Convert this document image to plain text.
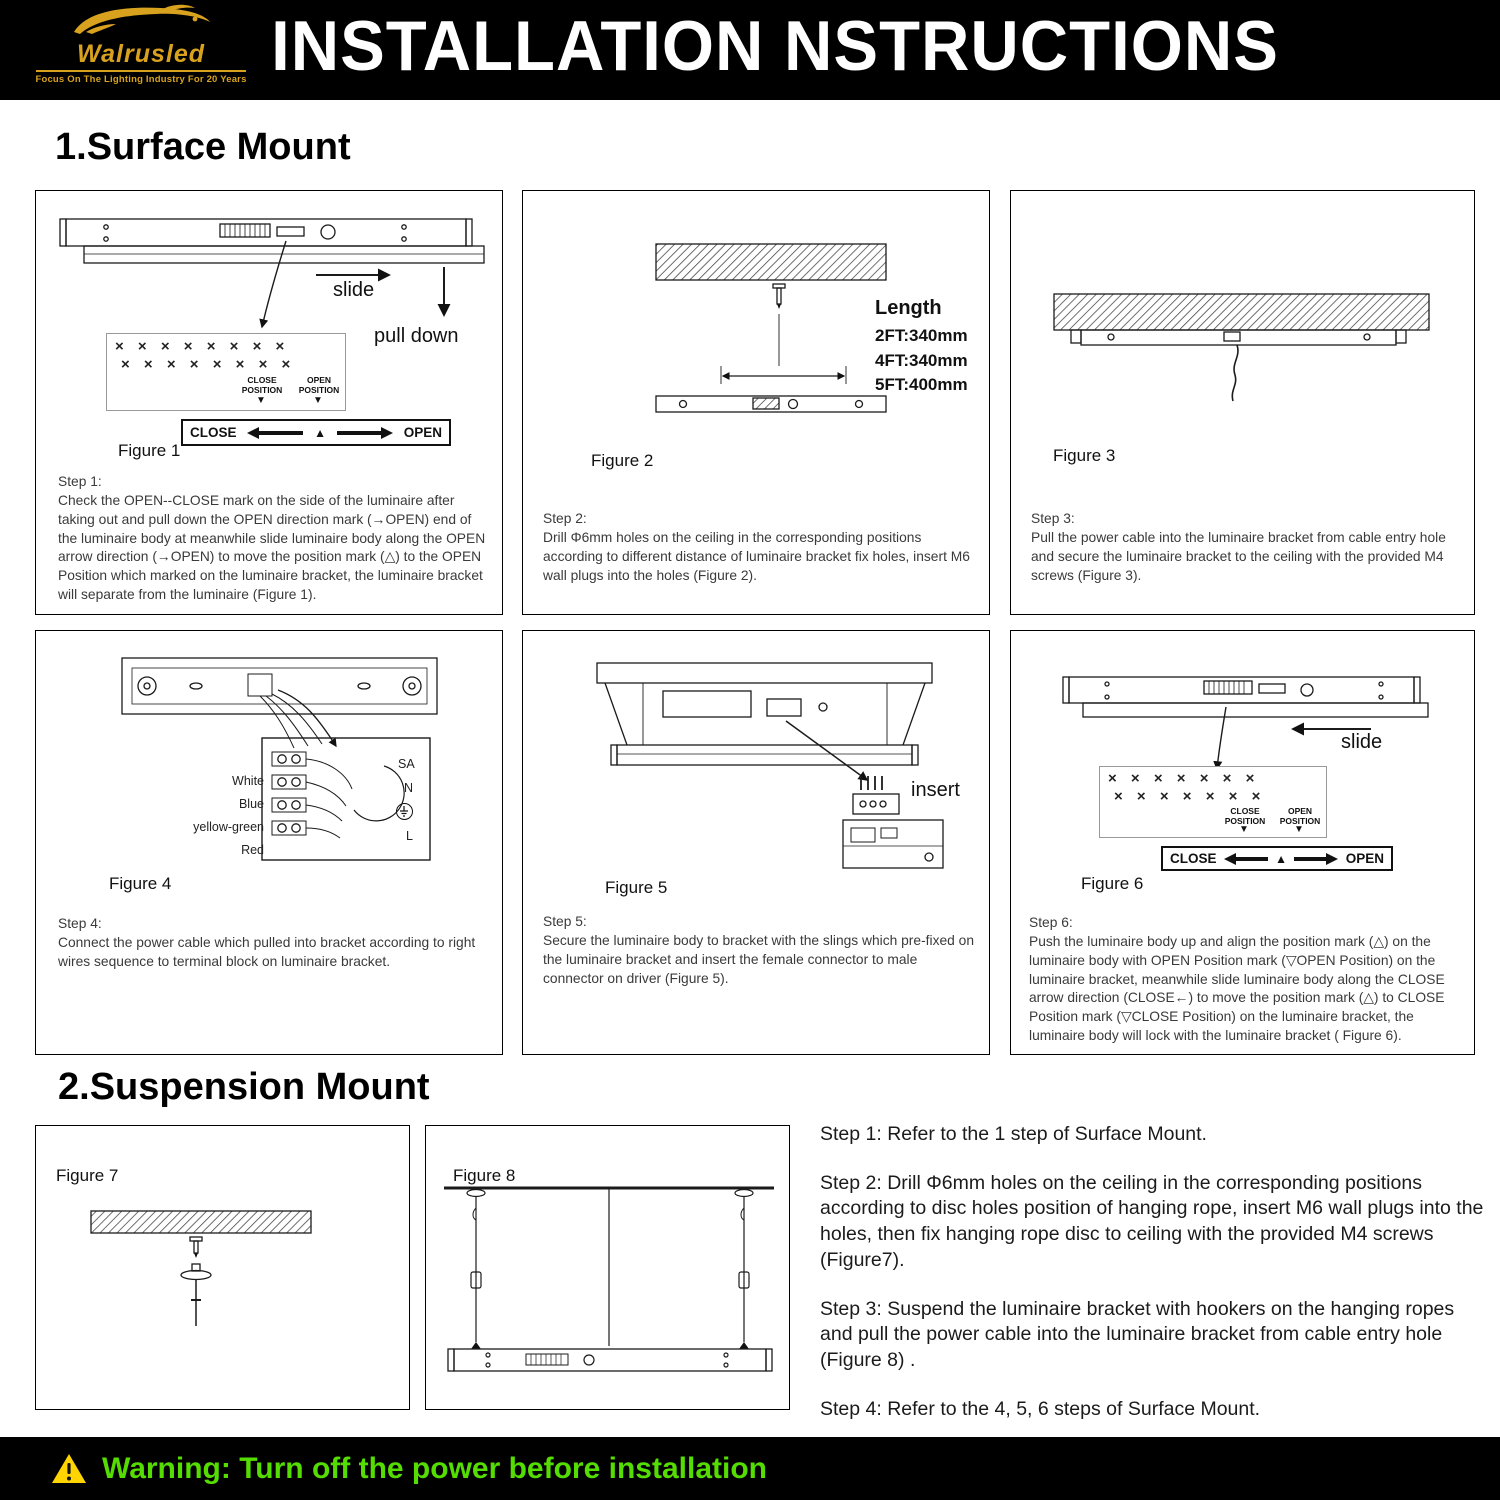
Walrusled
Focus On The Lighting Industry For 20 Years INSTALLATION NSTRUCTIONS
1.Surface Mount
slide
pull down
× × × × × × × ×
× × × × × × × ×
CLOSE POSITION
OPEN POSITION
▼	▼
CLOSE	▲	OPEN
Figure 1
Step 1:
Check the OPEN--CLOSE mark on the side of the luminaire after taking out and pull down the OPEN direction mark (→OPEN) end of the luminaire body at meanwhile slide luminaire body along the OPEN arrow direction (→OPEN) to move the position mark (△) to the OPEN Position which marked on the luminaire bracket, the luminaire bracket will separate from the luminaire (Figure 1).
Length
2FT:340mm
4FT:340mm
5FT:400mm
Figure 2
Step 2:
Drill Φ6mm holes on the ceiling in the corresponding positions according to different distance of luminaire bracket fix holes, insert M6 wall plugs into the holes (Figure 2).
Figure 3
Step 3:
Pull the power cable into the luminaire bracket from cable entry hole and secure the luminaire bracket to the ceiling with the provided M4 screws (Figure 3).
White
Blue
yellow-green
Red
SA
N
L
Figure 4
Step 4:
Connect the power cable which pulled into bracket according to right wires sequence to terminal block on luminaire bracket.
insert
Figure 5
Step 5:
Secure the luminaire body to bracket with the slings which pre-fixed on the luminaire bracket and insert the female connector to male connector on driver (Figure 5).
slide
× × × × × × ×
× × × × × × ×
CLOSE POSITION
OPEN POSITION
▼	▼
CLOSE	▲	OPEN
Figure 6
Step 6:
Push the luminaire body up and align the position mark (△) on the luminaire body with OPEN Position mark (▽OPEN Position) on the luminaire bracket, meanwhile slide luminaire body along the CLOSE arrow direction (CLOSE←) to move the position mark (△) to CLOSE Position mark (▽CLOSE Position) on the luminaire bracket, the luminaire body will lock with the luminaire bracket ( Figure 6).
2.Suspension Mount
Figure 7	Figure 8

Step 1: Refer to the 1 step of Surface Mount.

Step 2: Drill Φ6mm holes on the ceiling in the corresponding positions according to disc holes position of hanging rope, insert M6 wall plugs into the holes, then fix hanging rope disc to ceiling with the provided M4 screws (Figure7).

Step 3: Suspend the luminaire bracket with hookers on the hanging ropes and pull the power cable into the luminaire bracket from cable entry hole (Figure 8) .

Step 4: Refer to the 4, 5, 6 steps of Surface Mount.

Warning: Turn off the power before installation
